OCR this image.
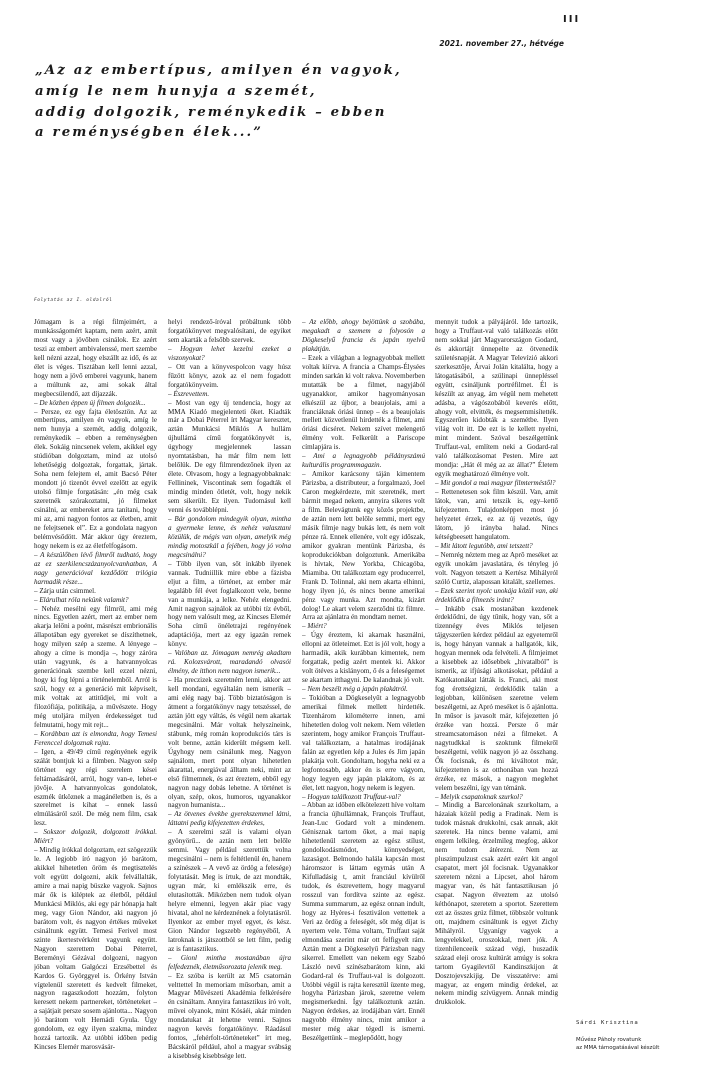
III
2021. november 27., hétvége
„Az az embertípus, amilyen én vagyok,
amíg le nem hunyja a szemét,
addig dolgozik, reménykedik – ebben
a reménységben élek...”
Folytatás az I. oldalról

Jómagam is a régi filmjeimért, a munkásságomért kaptam, nem azért, amit most vagy a jövőben csinálok. Ez azért teszi az embert ambivalenssé, mert szembe kell nézni azzal, hogy elszállt az idő, és az élet is véges. Tisztában kell lenni azzal, hogy nem a jövő emberei vagyunk, hanem a múltunk az, ami sokak által megbecsülendő, azt díjazzák.

– De közben éppen új filmen dolgozik...

– Persze, ez egy fajta életösztön. Az az embertípus, amilyen én vagyok, amíg le nem hunyja a szemét, addig dolgozik, reménykedik – ebben a reménységben élek. Sokáig nincsenek velem, akikkel egy stúdióban dolgoztam, mind az utolsó lehetőségig dolgoztak, forgattak, jártak. Soha nem felejtem el, amit Bacsó Péter mondott jó tizenöt évvel ezelőtt az egyik utolsó filmje forgatásán: „én még csak szeretnék szórakoztatni, jó filmeket csinálni, az embereket arra tanítani, hogy mi az, ami nagyon fontos az életben, amit ne felejtsenek el”. Ez a gondolata nagyon belémvésődött. Már akkor úgy éreztem, hogy nekem is ez az életfelfogásom.

– A készülőben lévő filmről tudható, hogy az ez szerkilencszázanyolcvanhatban, A nagy generációval kezdődött trilógia harmadik része...

– Zárja után csimmel.

– Elárulhat róla nekünk valamit?

– Nehéz mesélni egy filmről, ami még nincs. Egyetlen azért, mert az ember nem akarja lelőni a poént, másrészt embrionális állapotában egy gyereket se díszíthetnek, hogy milyen szép a szeme. A lényege – ahogy a címe is mondja –, hogy záróra után vagyunk, és a hatvannyolcas generációnak szembe kell ezzel nézni, hogy ki fog lépni a történelemből. Arról is szól, hogy ez a generáció mit képviselt, mik voltak az attitűdjei, mi volt a filozófiája, politikája, a művészete. Hogy még utoljára milyen érdekességet tud felmutatni, hogy mit rejt...

– Korábban azt is elmondta, hogy Temesi Ferenccel dolgoznak rajta.

– Igen, a 49/49 című regényének egyik szálát bontjuk ki a filmben. Nagyon szép történet egy régi szerelem kései feltámadásáról, arról, hogy van-e, lehet-e jövője. A hatvannyolcas gondolatok, eszmék ütköznek a magánéletben is, és a szerelmet is kihat – ennek lassú elmúlásáról szól. De még nem film, csak lesz.

– Sokszor dolgozik, dolgozott írókkal. Miért?

– Mindig írókkal dolgoztam, ezt szögezzük le. A legjobb író nagyon jó barátom, akikkel hihetetlen öröm és megtisztelés volt együtt dolgozni, akik felvállalták, amire a mai napig büszke vagyok. Sajnos már ők is kiléptek az életből, például Munkácsi Miklós, aki egy pár hónapja halt meg, vagy Gion Nándor, aki nagyon jó barátom volt, és nagyon értékes műveket csináltunk együtt. Temesi Ferivel most szinte ikertestvérként vagyunk együtt. Nagyon szerettem Dobai Péterrel, Bereményi Gézával dolgozni, nagyon jóban voltam Galgóczi Erzsébettel és Kardos G. Györggyel is. Örkény István vígtelenül szeretett és kedvelt filmeket, nagyon ragaszkodott hozzám, folyton keresett nekem partnereket, történeteket – a sajátjait persze sosem ajánlotta... Nagyon jó barátom volt Hernádi Gyula. Úgy gondolom, ez egy ilyen szakma, mindez hozzá tartozik. Az utóbbi időben pedig Kincses Elemér marosvásár-

helyi rendező-íróval próbáltunk több forgatókönyvet megvalósítani, de egyiket sem akarták a felsőbb szervek.

– Hogyan lehet kezelni ezeket a viszonyokat?

– Ott van a könyvespolcon vagy húsz fűzött könyv, azok az el nem fogadott forgatókönyveim.

– Észrevettem.

– Most van egy új tendencia, hogy az MMA Kiadó megjelenteti őket. Kiadták már a Dobai Péterrel írt Magyar keresztet, aztán Munkácsi Miklós A hullám újhullámá című forgatókönyvét is, úgyhogy megjelennek lassan nyomtatásban, ha már film nem lett belőlük. De egy filmrendezőnek ilyen az élete. Olvasom, hogy a legnagyobbaknak: Fellininek, Viscontinak sem fogadták el mindig minden ötletét, volt, hogy nekik sem sikerült. Ez ilyen. Tudomásul kell venni és továbblépni.

– Bár gondolom mindegyik olyan, mintha a gyermeke lenne, és nehéz valasztani közülük, de mégis van olyan, amelyik még mindig motoszkál a fejében, hogy jó volna megcsinálni?

– Több ilyen van, sőt inkább ilyenek vannak. Tudniillik mire ebbe a fázisba eljut a film, a történet, az ember már legalább fél évet foglalkozott vele, benne van a munkája, a lelke. Nehéz elengedni. Amit nagyon sajnálok az utóbbi tíz évből, hogy nem valósult meg, az Kincses Elemér Soha című önéletrajzi regényének adaptációja, mert az egy igazán remek könyv.

– Valóban az. Jómagam nemrég akadtam rá. Kolozsvárott, maradandó olvasói élmény, de itthon nem nagyon ismerik...

– Ha preczizek szeretném lenni, akkor azt kell mondani, egyáltalán nem ismerik – ami elég nagy baj. Több biztatóságon is átment a forgatókönyv nagy tetszéssel, de aztán jött egy váltás, és végül nem akartak megcsinálni. Már voltak helyszíneink, stábunk, még román koprodukciós társ is volt benne, aztán kiderült mégsem kell. Úgyhogy nem csinálunk meg. Nagyon sajnálom, mert pont olyan hihetetlen akarattal, energiával álltam neki, mint az első filmemnek, és azt éreztem, ebből egy nagyon nagy dobás lehetne. A történet is olyan, szép, okos, humoros, ugyanakkor nagyon humanista...

– Az ötvenes évekbe gyerekszemmel látni, láttatni pedig kifejezetten érdekes,

– A szerelmi szál is valami olyan gyönyörű... de aztán nem lett belőle semmi. Vagy például szerettük volna megcsinálni – nem is feltétlenül én, hanem a színészek – A vevő az ördög a felesége) folytatását. Meg is írtuk, de azt mondták, ugyan már, ki emlékszik erre, és elutasították. Mikózben nem tudok olyan helyre elmenni, legyen akár piac vagy hivatal, ahol ne kérdeznének a folytatásról. Ilyenkor az ember myel egyet, és kész. Gion Nándor legszebb regényéből, A latroknak is játszottból se lett film, pedig az is fantasztikus.

– Gionl mintha mostanában újra felfedeznék, életműsorozata jelenik meg.

– Ez szóba is került az M5 csatornán velttettel In memoriam műsorban, amit a Magyar Művészeti Akadémia felkérésére én csináltam. Annyira fantasztikus író volt, művei olyanok, mint Kósáéi, akár minden mondatukat át lehetne venni. Sajnos nagyon kevés forgatókönyv. Ráadásul fontos, „fehérfolt-történeteket” írt meg, Bácskáról például, ahol a magyar svábság a kisebbség kisebbsége lett.

– Az előbb, ahogy bejöttünk a szobába, megakadt a szemem a folyosón a Dögkeselyű francia és japán nyelvű plakátján.

– Ezek a világban a legnagyobbak mellett voltak kiírva. A francia a Champs-Élysées minden sarkán ki volt rakva. Novemberben mutatták be a filmet, nagyjából ugyanakkor, amikor hagyományosan elkészül az újbor, a beaujolais, ami a franciáknak óriási ünnep – és a beaujolais mellett közvetlenül hirdették a filmet, ami óriási dicséret. Nekem szívet melengető élmény volt. Felkerült a Pariscope címlapjára is.

– Ami a legnagyobb példányszámú kulturális programmagazin.

– Amikor karácsony táján kimentem Párizsba, a distributeur, a forgalmazó, Joel Caron megkérdezte, mit szeretnék, mert bármit megad nekem, annyira sikeres volt a film. Belevágtunk egy közös projektbe, de aztán nem lett belőle semmi, mert egy másik filmje nagy bukás lett, és nem volt pénze rá. Ennek ellenére, volt egy időszak, amikor gyakran mentünk Párizsba, és koprodukciókban dolgoztunk. Amerikába is hívtak, New Yorkba, Chicagóba, Miamiba. Ott találkoztam egy producerrel, Frank D. Tolinnal, aki nem akarta elhinni, hogy ilyen jó, és nincs benne amerikai pénz vagy munka. Azt mondta, kizárt dolog! Le akart velem szerződni tíz filmre. Arra az ajánlatra én mondtam nemet.

– Miért?

– Úgy éreztem, ki akarnak használni, ellopni az ötleteimet. Ezt is jól volt, hogy a harmadik, akik kurábban kimentek, nem forgattak, pedig azért mentek ki. Akkor volt ötéves a kislányom, ő és a feleségemet se akartam itthagyni. De kalandnak jó volt.

– Nem beszélt még a japán plakátról.

– Tokióban a Dögkeselyűt a legnagyobb amerikai filmek mellett hirdették. Tizenhárom kilométerre innen, ami hihetetlen dolog volt nekem. Nem véletlen szerintem, hogy amikor François Truffaut-val találkoztam, a hatalmas irodájának falán az egyetlen kép a Jules és Jim japán plakátja volt. Gondoltam, hogyha neki ez a legfontosabb, akkor én is erre vágyom, hogy legyen egy japán plakátom, és az élet, lett nagyon, hogy nekem is legyen.

– Hogyan találkozott Truffaut-val?

– Abban az időben elkötelezett híve voltam a francia újhullámnak, François Truffaut, Jean-Luc Godard volt a mindenem. Génisznak tartom őket, a mai napig hihetetlenül szeretem az egész stílust, gondolkodásmódot, könnyedséget, lazaságot. Belmondo halála kapcsán most háromszor is láttam egymás után A Kifulladásig t, amit franciául kívülről tudok, és észrevettem, hogy magyarul rosszul van fordítva szinte az egész. Summa summarum, az egész onnan indult, hogy az Hyères-i fesztiválon vettettek a Veri az ördög a feleségét, sőt még díjat is nyertem vele. Téma voltam, Truffaut saját elmondása szerint már ott felfigyelt rám. Aztán ment a Dögkeselyű Párizsban nagy sikerrel. Emellett van nekem egy Szabó László nevű színészbarátom kinn, aki Godard-ral és Truffaut-val is dolgozott. Utóbbi végül is rajta keresztül üzente meg, hogyha Párizsban járok, szeretne velem megismerkedni. Így találkoztunk aztán. Nagyon érdekes, az irodájában várt. Ennél nagyobb élmény nincs, mint amikor a mester még akar tégedl is ismerni. Beszélgettünk – meglepődött, hogy

mennyit tudok a pályájáról. Ide tartozik, hogy a Truffaut-val való találkozás előtt nem sokkal járt Magyarországon Godard, és akkortájt ünnepelte az ötvenedik születésnapját. A Magyar Televízió akkori szerkesztője, Árvai Jolán kitalálta, hogy a látogatásából, a szülinapi ünnepléssel együtt, csináljunk portréfilmet. Él is készült az anyag, ám végül nem mehetett adásba, a vágószobából keverés előtt, ahogy volt, elvitték, és megsemmisítették. Egyszerűen kidobták a szemétbe. Ilyen világ volt itt. De ezt is le kellett nyelni, mint mindent. Szóval beszélgettünk Truffaut-val, említem neki a Godard-ral való találkozásomat Pesten. Mire azt mondja: „Hát él még az az állat?” Életem egyik meghatározó élménye volt.

– Mit gondol a mai magyar filmterméstől?

– Rettenetesen sok film készül. Van, amit látok, van, ami tetszik is, egy–kettő kifejezetten. Tulajdonképpen most jó helyzetet érzek, ez az új vezetés, úgy látom, jó irányba halad. Nincs kétségbeesett hangulatom.

– Mit látott legutóbb, ami tetszett?

– Nemrég néztem meg az Aprō meséket az egyik unokám javaslatára, és tényleg jó volt. Nagyon tetszett a Kertész Mihályról szóló Curtiz, alapossan kitalált, szellemes.

– Ezek szerint nyolc unokája közül van, aki érdeklődik a filmezés iránt?

– Inkább csak mostanában kezdenek érdeklődni, de úgy tűnik, hogy van, sőt a tizennégy éves Miklós teljesen tájgyszerűen kérdez például az egyetemről is, hogy hányan vannak a hallgatók, kik, hogyan mennek oda felvételi. A filmjeimet a kisebbek az idősebbek „hivatalból” is ismerik, az ifjúsági alkotásokat, például a Katókatonákat látták is. Franci, aki most fog érettségizni, érdeklődik talán a legjobban, különösen szeretne velem beszélgetni, az Apró meséket is ő ajánlotta. In műsor is javasolt már, kifejezetten jó érzéke van hozzá. Persze ő már streamcsatornáson nézi a filmeket. A nagytudkkal is szoktunk filmekről beszélgetni, velük nagyon jó az összhang. Ők focisnak, és mi kiváltotot már, kifejeztetten is az otthonában van hozzá érzéke, ez mások, a nagyon meglehet velem beszélni, így van témánk.

– Melyik csapatoknak szurkol?

– Mindig a Barcelonának szurkoltam, a házaiak közül pedig a Fradinak. Nem is tudok másnak drukkolni, csak annak, akit szeretek. Ha nincs benne valami, ami engem lelkileg, érzelmileg megfog, akkor nem tudom átérezni. Nem az pluszimpulzust csak azért ezért kit angol csapatot, mert jól focisnak. Ugyanakkor szeretem nézni a Lipcset, ahol három magyar van, és hát fantasztikusan jó csapat. Nagyon élveztem az utolsó kéthónapot, szeretem a sportot. Szerettem ezt az összes grúz filmet, többször voltunk ott, majdnem csináltunk is egyet Zichy Mihályról. Ugyanígy vagyok a lengyelekkel, oroszokkal, mert jók. A tizenhilenceeik század végi, huszadik század eleji orosz kultúrát amúgy is sokra tartom Gyagilevtől Kandinszkijon át Dosztojevszkijig. De visszatérve: ami magyar, az engem mindig érdekel, az nekem mindig szívügyem. Annak mindig drukkolok.

Sárdi Krisztina
Művész Páholy rovatunk
az MMA támogatásával készült
